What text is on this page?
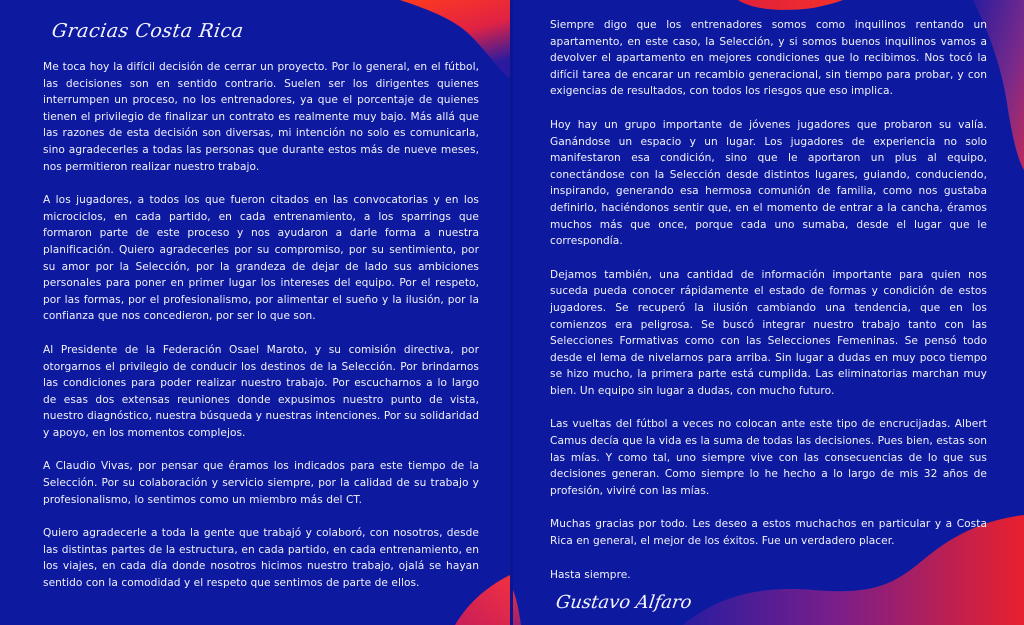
Gracias Costa Rica

Me toca hoy la difícil decisión de cerrar un proyecto. Por lo general, en el fútbol, las decisiones son en sentido contrario. Suelen ser los dirigentes quienes interrumpen un proceso, no los entrenadores, ya que el porcentaje de quienes tienen el privilegio de finalizar un contrato es realmente muy bajo. Más allá que las razones de esta decisión son diversas, mi intención no solo es comunicarla, sino agradecerles a todas las personas que durante estos más de nueve meses, nos permitieron realizar nuestro trabajo.

A los jugadores, a todos los que fueron citados en las convocatorias y en los microciclos, en cada partido, en cada entrenamiento, a los sparrings que formaron parte de este proceso y nos ayudaron a darle forma a nuestra planificación. Quiero agradecerles por su compromiso, por su sentimiento, por su amor por la Selección, por la grandeza de dejar de lado sus ambiciones personales para poner en primer lugar los intereses del equipo. Por el respeto, por las formas, por el profesionalismo, por alimentar el sueño y la ilusión, por la confianza que nos concedieron, por ser lo que son.

Al Presidente de la Federación Osael Maroto, y su comisión directiva, por otorgarnos el privilegio de conducir los destinos de la Selección. Por brindarnos las condiciones para poder realizar nuestro trabajo. Por escucharnos a lo largo de esas dos extensas reuniones donde expusimos nuestro punto de vista, nuestro diagnóstico, nuestra búsqueda y nuestras intenciones. Por su solidaridad y apoyo, en los momentos complejos.

A Claudio Vivas, por pensar que éramos los indicados para este tiempo de la Selección. Por su colaboración y servicio siempre, por la calidad de su trabajo y profesionalismo, lo sentimos como un miembro más del CT.

Quiero agradecerle a toda la gente que trabajó y colaboró, con nosotros, desde las distintas partes de la estructura, en cada partido, en cada entrenamiento, en los viajes, en cada día donde nosotros hicimos nuestro trabajo, ojalá se hayan sentido con la comodidad y el respeto que sentimos de parte de ellos.

Siempre digo que los entrenadores somos como inquilinos rentando un apartamento, en este caso, la Selección, y si somos buenos inquilinos vamos a devolver el apartamento en mejores condiciones que lo recibimos. Nos tocó la difícil tarea de encarar un recambio generacional, sin tiempo para probar, y con exigencias de resultados, con todos los riesgos que eso implica.

Hoy hay un grupo importante de jóvenes jugadores que probaron su valía. Ganándose un espacio y un lugar. Los jugadores de experiencia no solo manifestaron esa condición, sino que le aportaron un plus al equipo, conectándose con la Selección desde distintos lugares, guiando, conduciendo, inspirando, generando esa hermosa comunión de familia, como nos gustaba definirlo, haciéndonos sentir que, en el momento de entrar a la cancha, éramos muchos más que once, porque cada uno sumaba, desde el lugar que le correspondía.

Dejamos también, una cantidad de información importante para quien nos suceda pueda conocer rápidamente el estado de formas y condición de estos jugadores. Se recuperó la ilusión cambiando una tendencia, que en los comienzos era peligrosa. Se buscó integrar nuestro trabajo tanto con las Selecciones Formativas como con las Selecciones Femeninas. Se pensó todo desde el lema de nivelarnos para arriba. Sin lugar a dudas en muy poco tiempo se hizo mucho, la primera parte está cumplida. Las eliminatorias marchan muy bien. Un equipo sin lugar a dudas, con mucho futuro.

Las vueltas del fútbol a veces no colocan ante este tipo de encrucijadas. Albert Camus decía que la vida es la suma de todas las decisiones. Pues bien, estas son las mías. Y como tal, uno siempre vive con las consecuencias de lo que sus decisiones generan. Como siempre lo he hecho a lo largo de mis 32 años de profesión, viviré con las mías.

Muchas gracias por todo. Les deseo a estos muchachos en particular y a Costa Rica en general, el mejor de los éxitos. Fue un verdadero placer.

Hasta siempre.

Gustavo Alfaro
